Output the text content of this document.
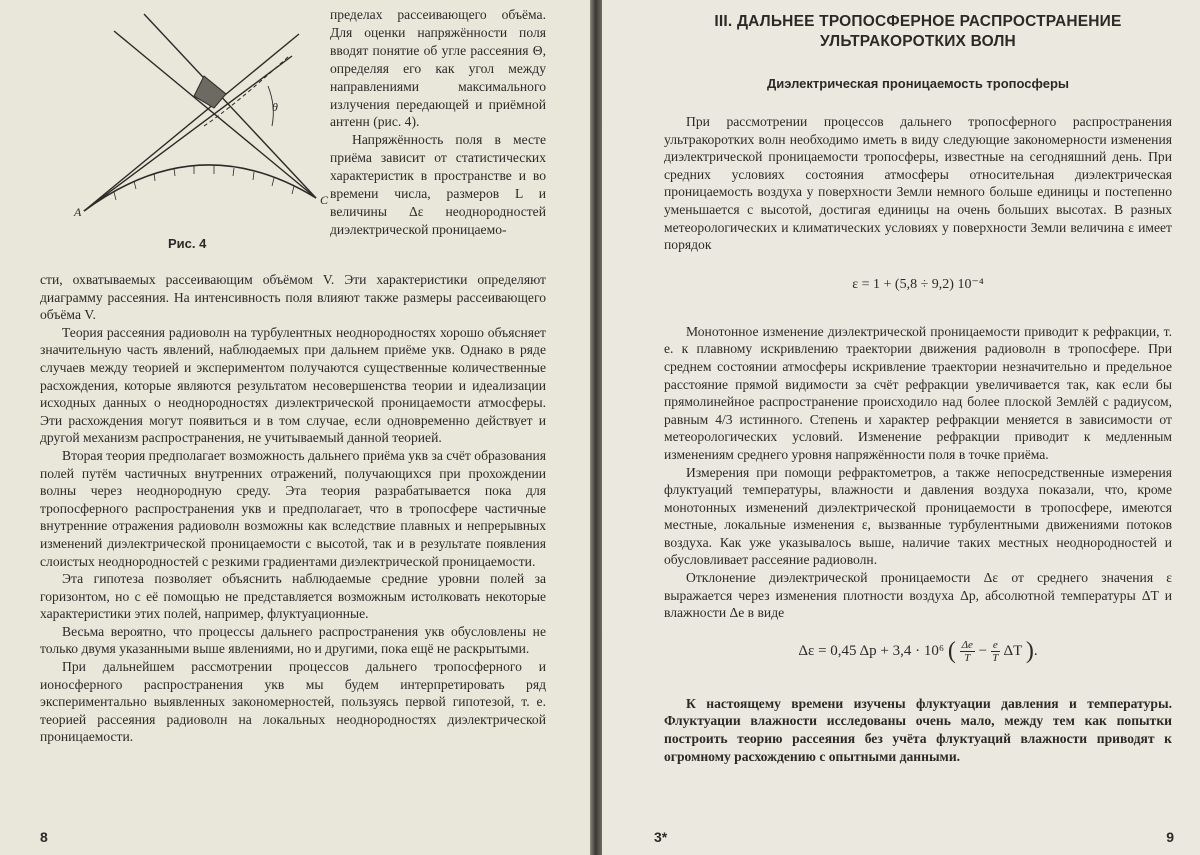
θ
A
C
Рис. 4

пределах рассеивающего объёма. Для оценки напряжённости поля вводят понятие об угле рассеяния Θ, определяя его как угол между направлениями максимального излучения передающей и приёмной антенн (рис. 4).

Напряжённость поля в месте приёма зависит от статистических характеристик в пространстве и во времени числа, размеров L и величины Δε неоднородностей диэлектрической проницаемо-

сти, охватываемых рассеивающим объёмом V. Эти характеристики определяют диаграмму рассеяния. На интенсивность поля влияют также размеры рассеивающего объёма V.

Теория рассеяния радиоволн на турбулентных неоднородностях хорошо объясняет значительную часть явлений, наблюдаемых при дальнем приёме укв. Однако в ряде случаев между теорией и экспериментом получаются существенные количественные расхождения, которые являются результатом несовершенства теории и идеализации исходных данных о неоднородностях диэлектрической проницаемости атмосферы. Эти расхождения могут появиться и в том случае, если одновременно действует и другой механизм распространения, не учитываемый данной теорией.

Вторая теория предполагает возможность дальнего приёма укв за счёт образования полей путём частичных внутренних отражений, получающихся при прохождении волны через неоднородную среду. Эта теория разрабатывается пока для тропосферного распространения укв и предполагает, что в тропосфере частичные внутренние отражения радиоволн возможны как вследствие плавных и непрерывных изменений диэлектрической проницаемости с высотой, так и в результате появления слоистых неоднородностей с резкими градиентами диэлектрической проницаемости.

Эта гипотеза позволяет объяснить наблюдаемые средние уровни полей за горизонтом, но с её помощью не представляется возможным истолковать некоторые характеристики этих полей, например, флуктуационные.

Весьма вероятно, что процессы дальнего распространения укв обусловлены не только двумя указанными выше явлениями, но и другими, пока ещё не раскрытыми.

При дальнейшем рассмотрении процессов дальнего тропосферного и ионосферного распространения укв мы будем интерпретировать ряд экспериментально выявленных закономерностей, пользуясь первой гипотезой, т. е. теорией рассеяния радиоволн на локальных неоднородностях диэлектрической проницаемости.

8
III. ДАЛЬНЕЕ ТРОПОСФЕРНОЕ РАСПРОСТРАНЕНИЕ
УЛЬТРАКОРОТКИХ ВОЛН
Диэлектрическая проницаемость тропосферы

При рассмотрении процессов дальнего тропосферного распространения ультракоротких волн необходимо иметь в виду следующие закономерности изменения диэлектрической проницаемости тропосферы, известные на сегодняшний день. При средних условиях состояния атмосферы относительная диэлектрическая проницаемость воздуха у поверхности Земли немного больше единицы и постепенно уменьшается с высотой, достигая единицы на очень больших высотах. В разных метеорологических и климатических условиях у поверхности Земли величина ε имеет порядок

ε = 1 + (5,8 ÷ 9,2) 10⁻⁴

Монотонное изменение диэлектрической проницаемости приводит к рефракции, т. е. к плавному искривлению траектории движения радиоволн в тропосфере. При среднем состоянии атмосферы искривление траектории незначительно и предельное расстояние прямой видимости за счёт рефракции увеличивается так, как если бы прямолинейное распространение происходило над более плоской Землёй с радиусом, равным 4/3 истинного. Степень и характер рефракции меняется в зависимости от метеорологических условий. Изменение рефракции приводит к медленным изменениям среднего уровня напряжённости поля в точке приёма.

Измерения при помощи рефрактометров, а также непосредственные измерения флуктуаций температуры, влажности и давления воздуха показали, что, кроме монотонных изменений диэлектрической проницаемости в тропосфере, имеются местные, локальные изменения ε, вызванные турбулентными движениями потоков воздуха. Как уже указывалось выше, наличие таких местных неоднородностей и обусловливает рассеяние радиоволн.

Отклонение диэлектрической проницаемости Δε от среднего значения ε выражается через изменения плотности воздуха Δp, абсолютной температуры ΔT и влажности Δe в виде

Δε = 0,45 Δp + 3,4 · 10⁶ ( $\frac{\Delta e}{T} - \frac{e}{T}$ ΔT ).

К настоящему времени изучены флуктуации давления и температуры. Флуктуации влажности исследованы очень мало, между тем как попытки построить теорию рассеяния без учёта флуктуаций влажности приводят к огромному расхождению с опытными данными.

3*	9
